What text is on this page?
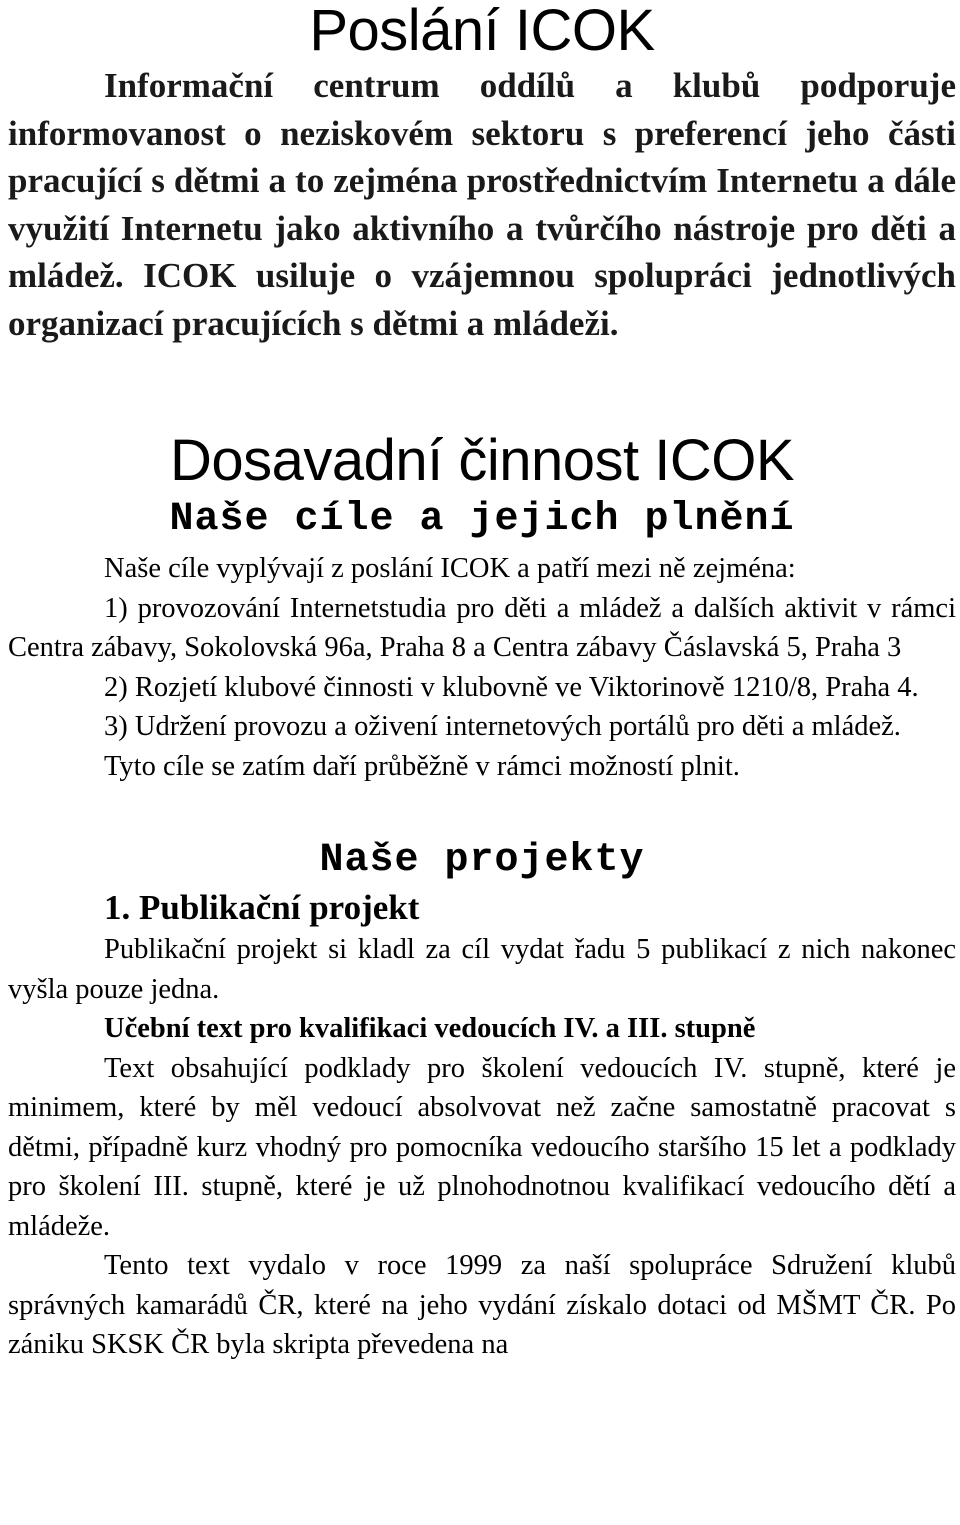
Poslání ICOK

Informační centrum oddílů a klubů podporuje informovanost o neziskovém sektoru s preferencí jeho části pracující s dětmi a to zejména prostřednictvím Internetu a dále využití Internetu jako aktivního a tvůrčího nástroje pro děti a mládež. ICOK usiluje o vzájemnou spolupráci jednotlivých organizací pracujících s dětmi a mládeži.

Dosavadní činnost ICOK
Naše cíle a jejich plnění

Naše cíle vyplývají z poslání ICOK a patří mezi ně zejména:

1) provozování Internetstudia pro děti a mládež a dalších aktivit v rámci Centra zábavy, Sokolovská 96a, Praha 8 a Centra zábavy Čáslavská 5, Praha 3

2) Rozjetí klubové činnosti v klubovně ve Viktorinově 1210/8, Praha 4.

3) Udržení provozu a oživení internetových portálů pro děti a mládež.

Tyto cíle se zatím daří průběžně v rámci možností plnit.

Naše projekty
1. Publikační projekt

Publikační projekt si kladl za cíl vydat řadu 5 publikací z nich nakonec vyšla pouze jedna.

Učební text pro kvalifikaci vedoucích IV. a III. stupně

Text obsahující podklady pro školení vedoucích IV. stupně, které je minimem, které by měl vedoucí absolvovat než začne samostatně pracovat s dětmi, případně kurz vhodný pro pomocníka vedoucího staršího 15 let a podklady pro školení III. stupně, které je už plnohodnotnou kvalifikací vedoucího dětí a mládeže.

Tento text vydalo v roce 1999 za naší spolupráce Sdružení klubů správných kamarádů ČR, které na jeho vydání získalo dotaci od MŠMT ČR. Po zániku SKSK ČR byla skripta převedena na
